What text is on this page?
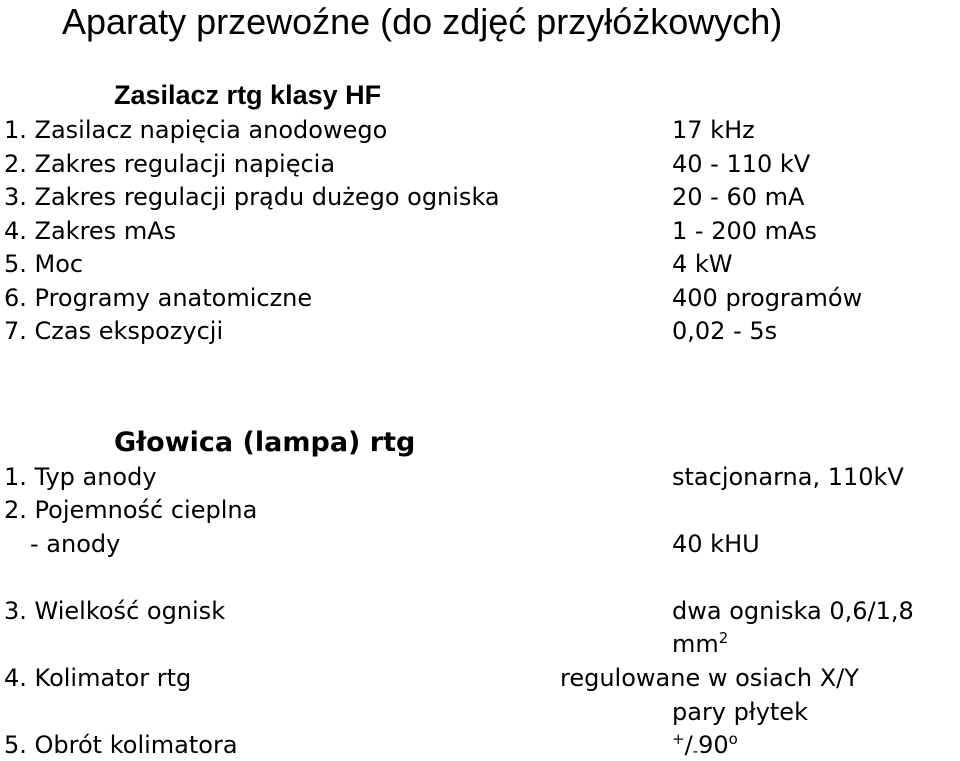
Aparaty przewoźne (do zdjęć przyłóżkowych)
Zasilacz rtg klasy HF
1. Zasilacz napięcia anodowego	17 kHz
2. Zakres regulacji napięcia	40 - 110 kV
3. Zakres regulacji prądu dużego ogniska	20 - 60 mA
4. Zakres mAs	1 - 200 mAs
5. Moc	4 kW
6. Programy anatomiczne	400 programów
7. Czas ekspozycji	0,02 - 5s
Głowica (lampa) rtg
1. Typ anody	stacjonarna, 110kV
2. Pojemność cieplna
- anody	40 kHU
3. Wielkość ognisk	dwa ogniska 0,6/1,8
$mm^2$
4. Kolimator rtg	regulowane w osiach X/Y
pary płytek
5. Obrót kolimatora	$^+/_-90^o$
